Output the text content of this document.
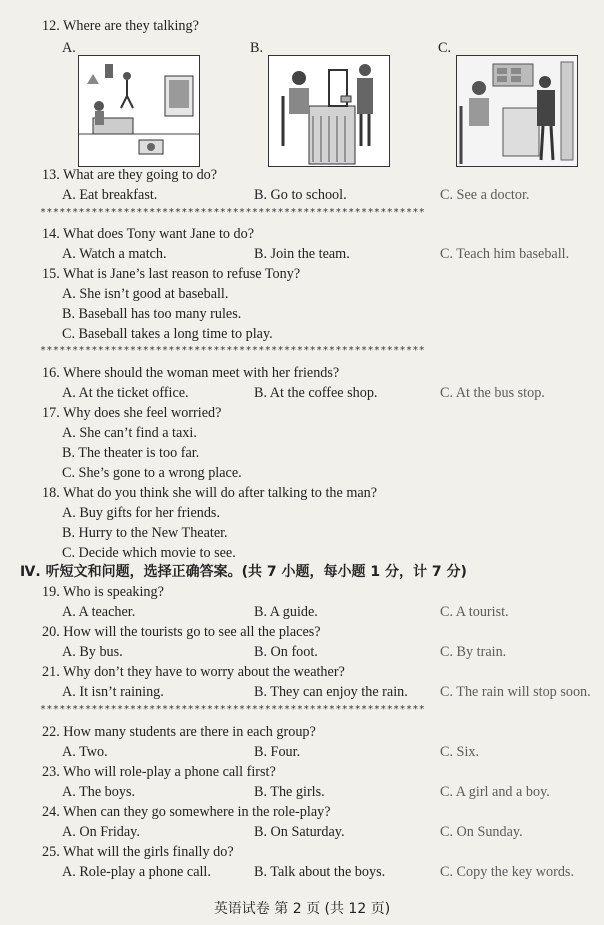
12. Where are they talking?
A.	B.	C.
13. What are they going to do?
A. Eat breakfast.	B. Go to school.	C. See a doctor.
************************************************************
14. What does Tony want Jane to do?
A. Watch a match.	B. Join the team.	C. Teach him baseball.
15. What is Jane’s last reason to refuse Tony?
A. She isn’t good at baseball.
B. Baseball has too many rules.
C. Baseball takes a long time to play.
************************************************************
16. Where should the woman meet with her friends?
A. At the ticket office.	B. At the coffee shop.	C. At the bus stop.
17. Why does she feel worried?
A. She can’t find a taxi.
B. The theater is too far.
C. She’s gone to a wrong place.
18. What do you think she will do after talking to the man?
A. Buy gifts for her friends.
B. Hurry to the New Theater.
C. Decide which movie to see.
Ⅳ. 听短文和问题，选择正确答案。(共 7 小题，每小题 1 分，计 7 分)
19. Who is speaking?
A. A teacher.	B. A guide.	C. A tourist.
20. How will the tourists go to see all the places?
A. By bus.	B. On foot.	C. By train.
21. Why don’t they have to worry about the weather?
A. It isn’t raining.	B. They can enjoy the rain. C. The rain will stop soon.
************************************************************
22. How many students are there in each group?
A. Two.	B. Four.	C. Six.
23. Who will role-play a phone call first?
A. The boys.	B. The girls.	C. A girl and a boy.
24. When can they go somewhere in the role-play?
A. On Friday.	B. On Saturday.	C. On Sunday.
25. What will the girls finally do?
A. Role-play a phone call.	B. Talk about the boys.	C. Copy the key words.
英语试卷 第 2 页 (共 12 页)
